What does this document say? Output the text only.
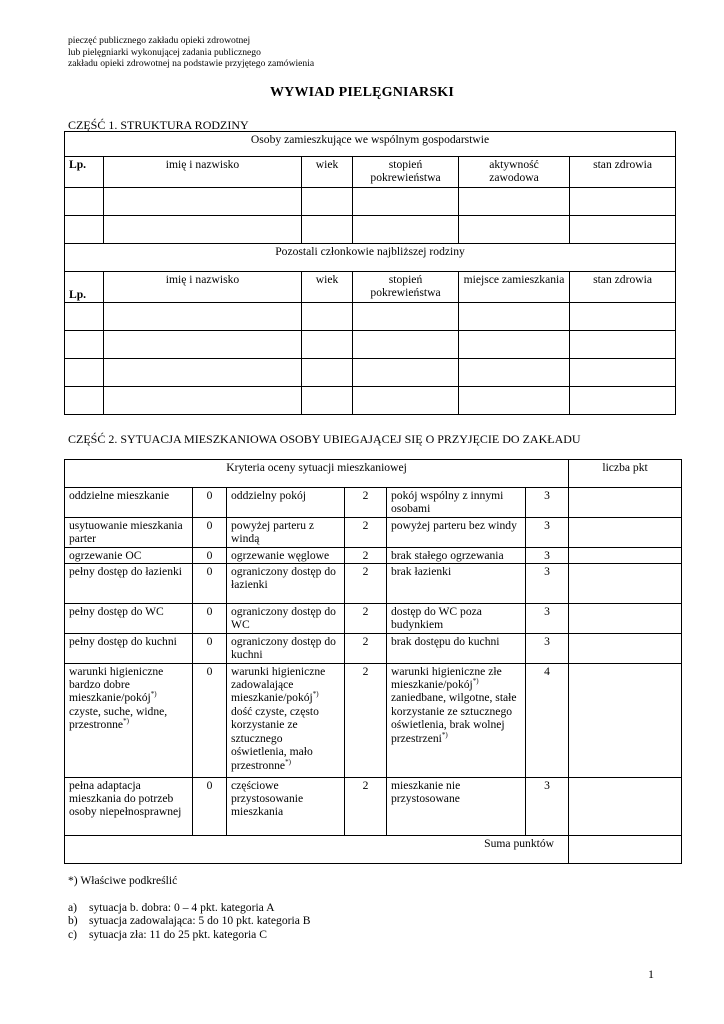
pieczęć publicznego zakładu opieki zdrowotnej
lub pielęgniarki wykonującej zadania publicznego
zakładu opieki zdrowotnej na podstawie przyjętego zamówienia
WYWIAD PIELĘGNIARSKI
CZĘŚĆ 1. STRUKTURA RODZINY
Osoby zamieszkujące we wspólnym gospodarstwie					
Lp.	imię i nazwisko	wiek	stopień pokrewieństwa	aktywność zawodowa	stan zdrowia

Pozostali członkowie najbliższej rodziny					
Lp.	imię i nazwisko	wiek	stopień pokrewieństwa	miejsce zamieszkania	stan zdrowia

CZĘŚĆ 2. SYTUACJA MIESZKANIOWA OSOBY UBIEGAJĄCEJ SIĘ O PRZYJĘCIE DO ZAKŁADU
Kryteria oceny sytuacji mieszkaniowej						liczba pkt
oddzielne mieszkanie	0	oddzielny pokój	2	pokój wspólny z innymi osobami	3	
usytuowanie mieszkania parter	0	powyżej parteru z windą	2	powyżej parteru bez windy	3	
ogrzewanie OC	0	ogrzewanie węglowe	2	brak stałego ogrzewania	3	
pełny dostęp do łazienki	0	ograniczony dostęp do łazienki	2	brak łazienki	3	
pełny dostęp do WC	0	ograniczony dostęp do WC	2	dostęp do WC poza budynkiem	3	
pełny dostęp do kuchni	0	ograniczony dostęp do kuchni	2	brak dostępu do kuchni	3	
warunki higieniczne bardzo dobre mieszkanie/pokój*) czyste, suche, widne, przestronne*)	0	warunki higieniczne zadowalające mieszkanie/pokój*) dość czyste, często korzystanie ze sztucznego oświetlenia, mało przestronne*)	2	warunki higieniczne złe mieszkanie/pokój*) zaniedbane, wilgotne, stałe korzystanie ze sztucznego oświetlenia, brak wolnej przestrzeni*)	4	
pełna adaptacja mieszkania do potrzeb osoby niepełnosprawnej	0	częściowe przystosowanie mieszkania	2	mieszkanie nie przystosowane	3	
Suma punktów						
*) Właściwe podkreślić
a)	sytuacja b. dobra: 0 – 4 pkt. kategoria A
b) sytuacja zadowalająca: 5 do 10 pkt. kategoria B
c)	sytuacja zła: 11 do 25 pkt. kategoria C
1
